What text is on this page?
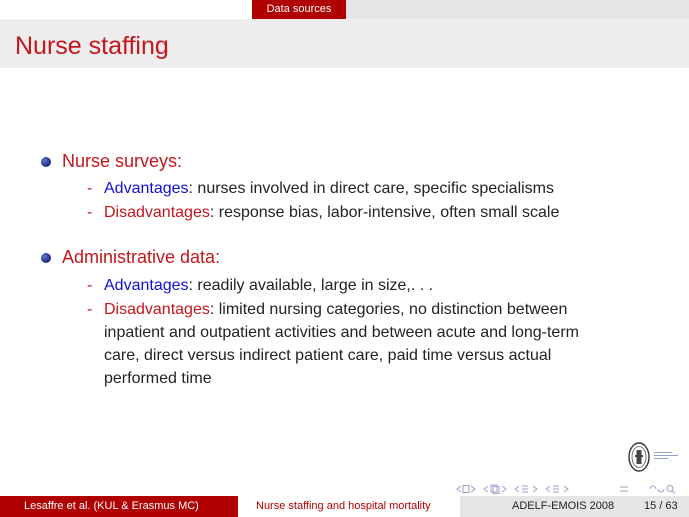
Data sources
Nurse staffing
Nurse surveys:
- Advantages: nurses involved in direct care, specific specialisms
- Disadvantages: response bias, labor-intensive, often small scale
Administrative data:
- Advantages: readily available, large in size,. . .
- Disadvantages: limited nursing categories, no distinction between
inpatient and outpatient activities and between acute and long-term
care, direct versus indirect patient care, paid time versus actual
performed time
Lesaffre et al. (KUL & Erasmus MC)	Nurse staffing and hospital mortality	ADELF-EMOIS 2008	15 / 63
